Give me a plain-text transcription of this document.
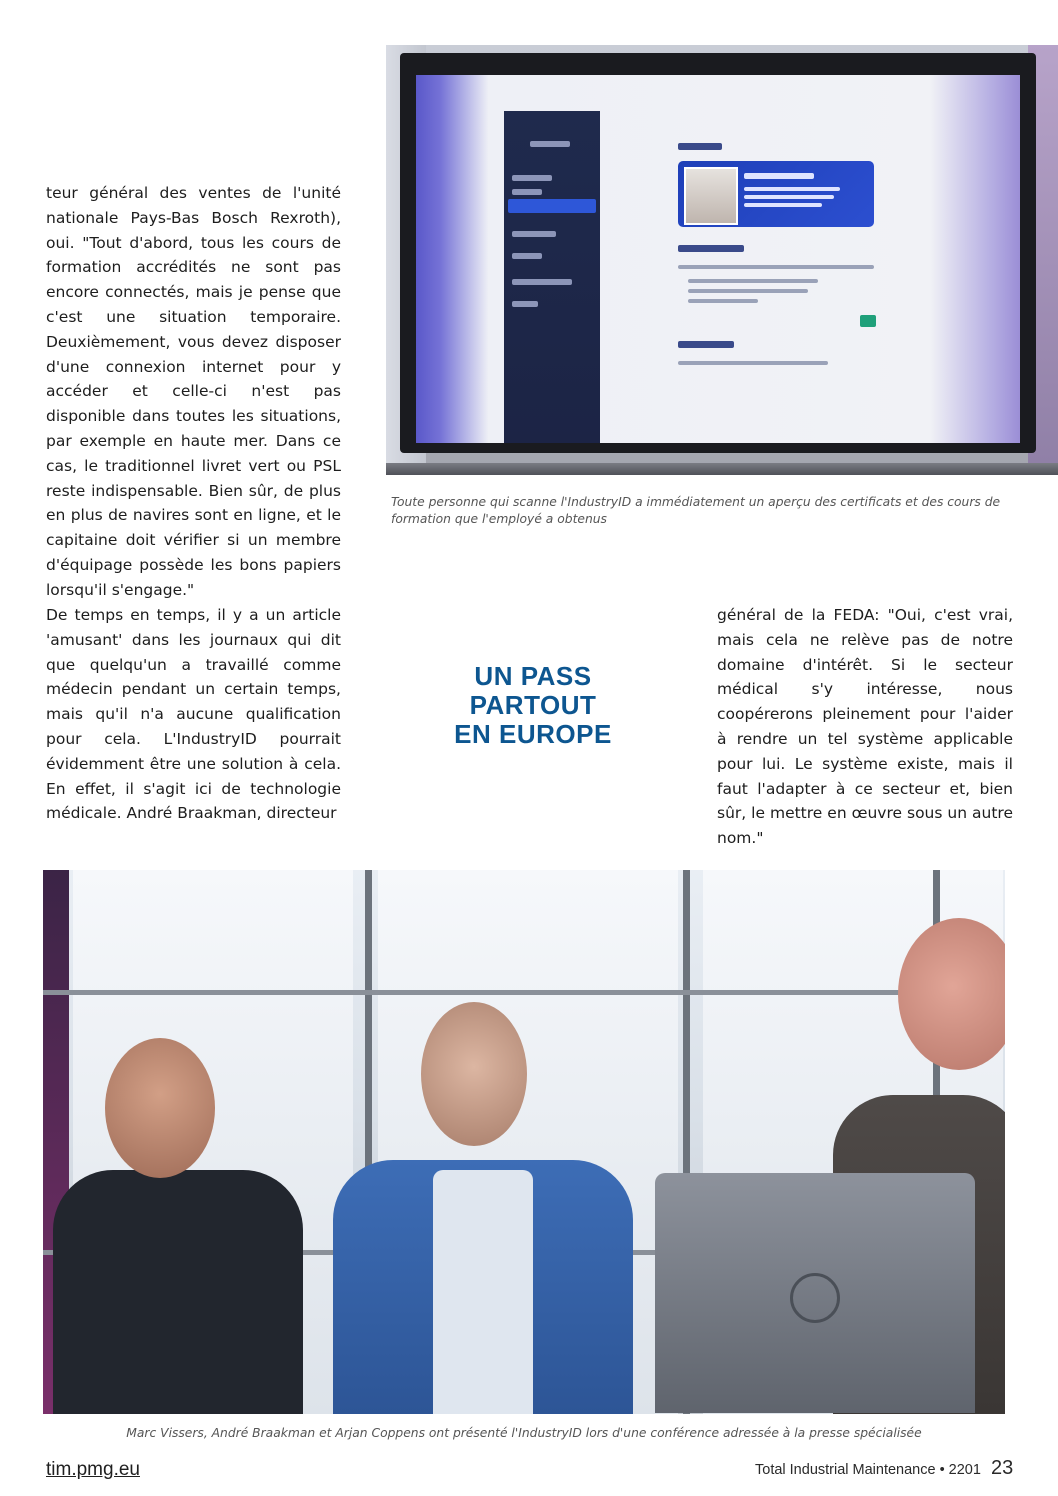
teur général des ventes de l'unité nationale Pays-Bas Bosch Rexroth), oui. "Tout d'abord, tous les cours de formation accrédités ne sont pas encore connectés, mais je pense que c'est une situation temporaire. Deuxièmement, vous devez disposer d'une connexion internet pour y accéder et celle-ci n'est pas disponible dans toutes les situations, par exemple en haute mer. Dans ce cas, le traditionnel livret vert ou PSL reste indispensable. Bien sûr, de plus en plus de navires sont en ligne, et le capitaine doit vérifier si un membre d'équipage possède les bons papiers lorsqu'il s'engage."

Toute personne qui scanne l'IndustryID a immédiatement un aperçu des certificats et des cours de formation que l'employé a obtenus

De temps en temps, il y a un article 'amusant' dans les journaux qui dit que quelqu'un a travaillé comme médecin pendant un certain temps, mais qu'il n'a aucune qualification pour cela. L'IndustryID pourrait évidemment être une solution à cela. En effet, il s'agit ici de technologie médicale. André Braakman, directeur

UN PASS
PARTOUT
EN EUROPE

général de la FEDA: "Oui, c'est vrai, mais cela ne relève pas de notre domaine d'intérêt. Si le secteur médical s'y intéresse, nous coopérerons pleinement pour l'aider à rendre un tel système applicable pour lui. Le système existe, mais il faut l'adapter à ce secteur et, bien sûr, le mettre en œuvre sous un autre nom."

Marc Vissers, André Braakman et Arjan Coppens ont présenté l'IndustryID lors d'une conférence adressée à la presse spécialisée
tim.pmg.eu	Total Industrial Maintenance • 2201 23
